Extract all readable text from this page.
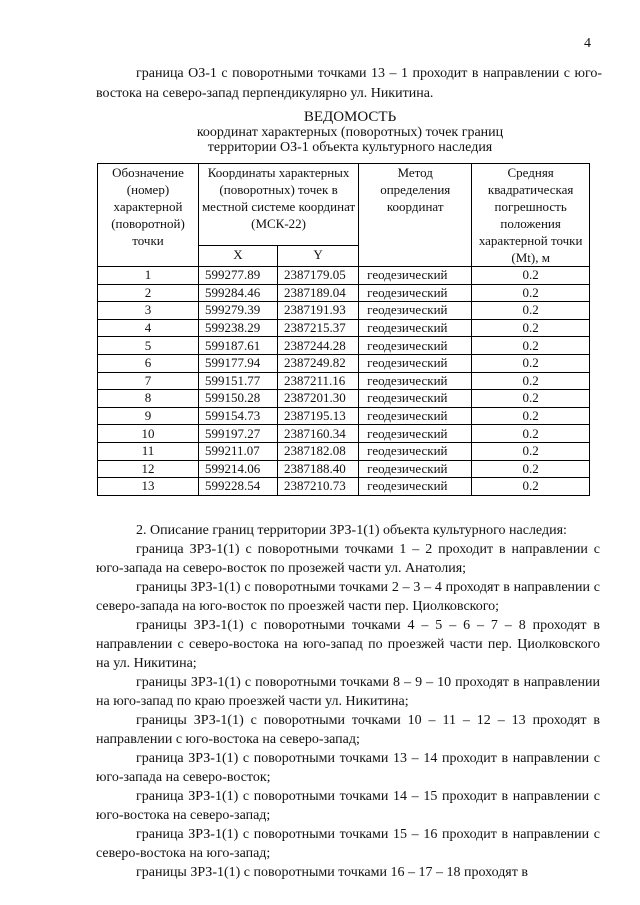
4

граница ОЗ-1 с поворотными точками 13 – 1 проходит в направлении с юго-востока на северо-запад перпендикулярно ул. Никитина.

ВЕДОМОСТЬ
координат характерных (поворотных) точек границ
территории ОЗ-1 объекта культурного наследия
Обозначение (номер) характерной (поворотной) точки	Координаты характерных (поворотных) точек в местной системе координат (МСК-22)		Метод определения координат	Средняя квадратическая погрешность положения характерной точки (Mt), м
	X	Y		
1	599277.89	2387179.05	геодезический	0.2
2	599284.46	2387189.04	геодезический	0.2
3	599279.39	2387191.93	геодезический	0.2
4	599238.29	2387215.37	геодезический	0.2
5	599187.61	2387244.28	геодезический	0.2
6	599177.94	2387249.82	геодезический	0.2
7	599151.77	2387211.16	геодезический	0.2
8	599150.28	2387201.30	геодезический	0.2
9	599154.73	2387195.13	геодезический	0.2
10	599197.27	2387160.34	геодезический	0.2
11	599211.07	2387182.08	геодезический	0.2
12	599214.06	2387188.40	геодезический	0.2
13	599228.54	2387210.73	геодезический	0.2

2. Описание границ территории ЗРЗ-1(1) объекта культурного наследия:

граница ЗРЗ-1(1) с поворотными точками 1 – 2 проходит в направлении с юго-запада на северо-восток по прозежей части ул. Анатолия;

границы ЗРЗ-1(1) с поворотными точками 2 – 3 – 4 проходят в направлении с северо-запада на юго-восток по проезжей части пер. Циолковского;

границы ЗРЗ-1(1) с поворотными точками 4 – 5 – 6 – 7 – 8 проходят в направлении с северо-востока на юго-запад по проезжей части пер. Циолковского на ул. Никитина;

границы ЗРЗ-1(1) с поворотными точками 8 – 9 – 10 проходят в направлении на юго-запад по краю проезжей части ул. Никитина;

границы ЗРЗ-1(1) с поворотными точками 10 – 11 – 12 – 13 проходят в направлении с юго-востока на северо-запад;

граница ЗРЗ-1(1) с поворотными точками 13 – 14 проходит в направлении с юго-запада на северо-восток;

граница ЗРЗ-1(1) с поворотными точками 14 – 15 проходит в направлении с юго-востока на северо-запад;

граница ЗРЗ-1(1) с поворотными точками 15 – 16 проходит в направлении с северо-востока на юго-запад;

границы ЗРЗ-1(1) с поворотными точками 16 – 17 – 18 проходят в
